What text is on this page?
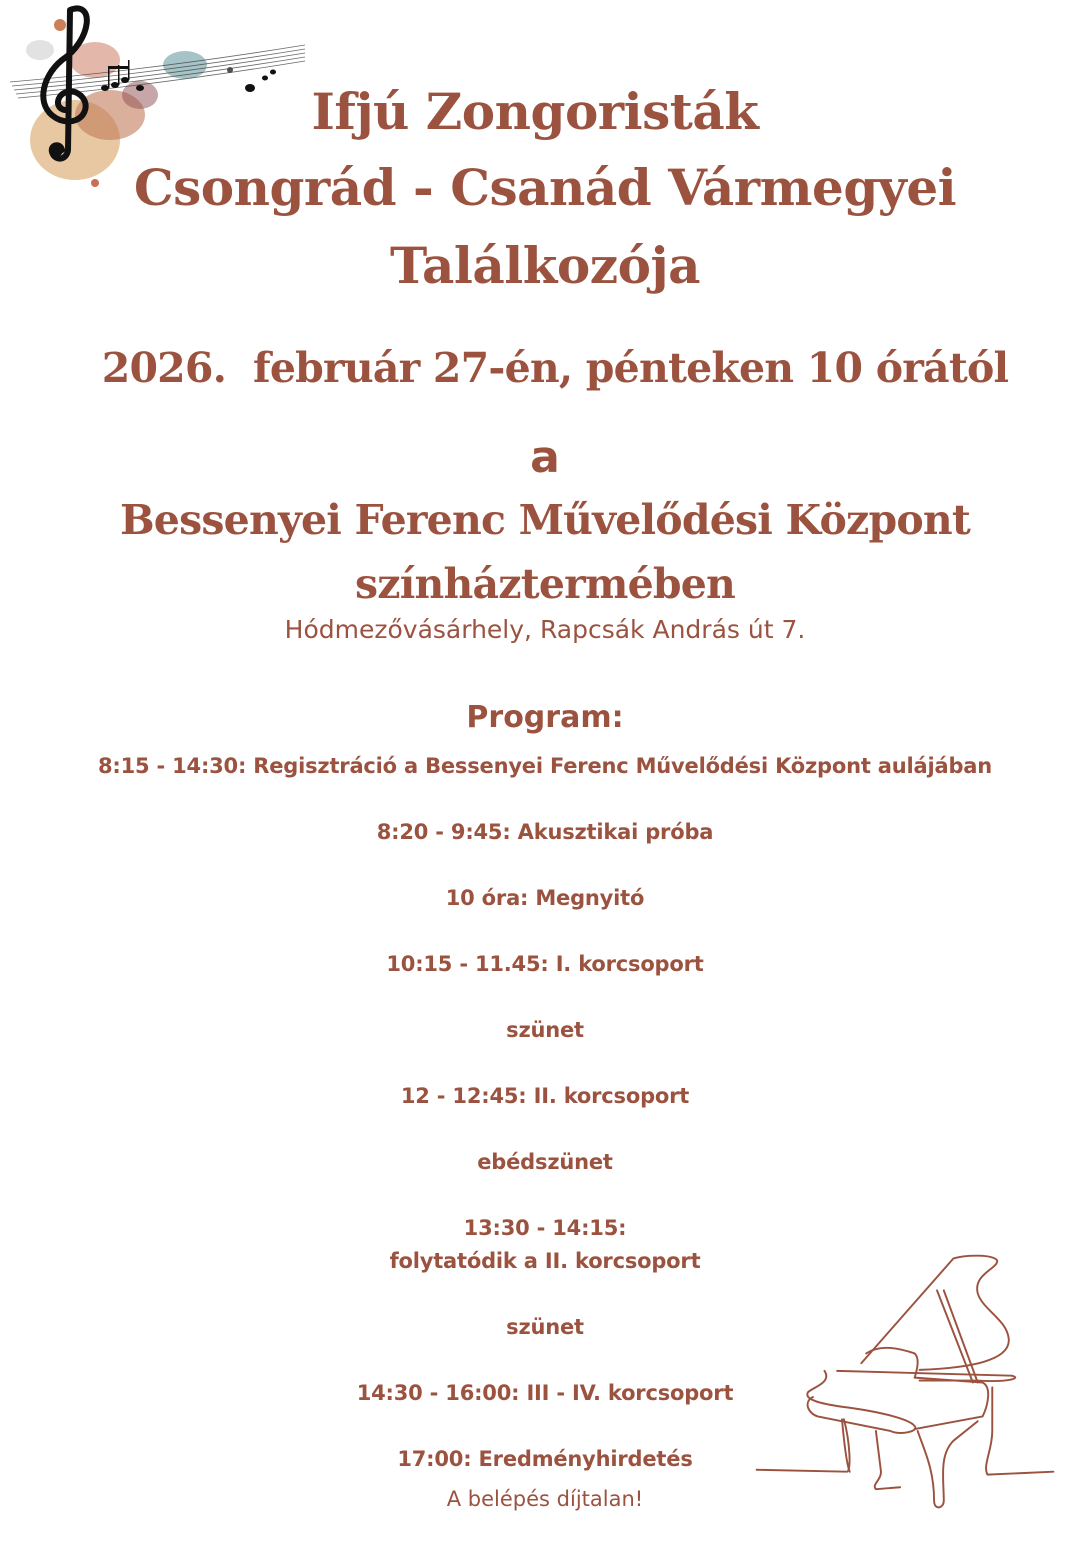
Ifjú Zongoristák
Csongrád - Csanád Vármegyei
Találkozója
2026.  február 27-én, pénteken 10 órától
a
Bessenyei Ferenc Művelődési Központ
színháztermében
Hódmezővásárhely, Rapcsák András út 7.
Program:
8:15 - 14:30: Regisztráció a Bessenyei Ferenc Művelődési Központ aulájában
8:20 - 9:45: Akusztikai próba
10 óra: Megnyitó
10:15 - 11.45: I. korcsoport
szünet
12 - 12:45: II. korcsoport
ebédszünet
13:30 - 14:15:
folytatódik a II. korcsoport
szünet
14:30 - 16:00: III - IV. korcsoport
17:00: Eredményhirdetés
A belépés díjtalan!
